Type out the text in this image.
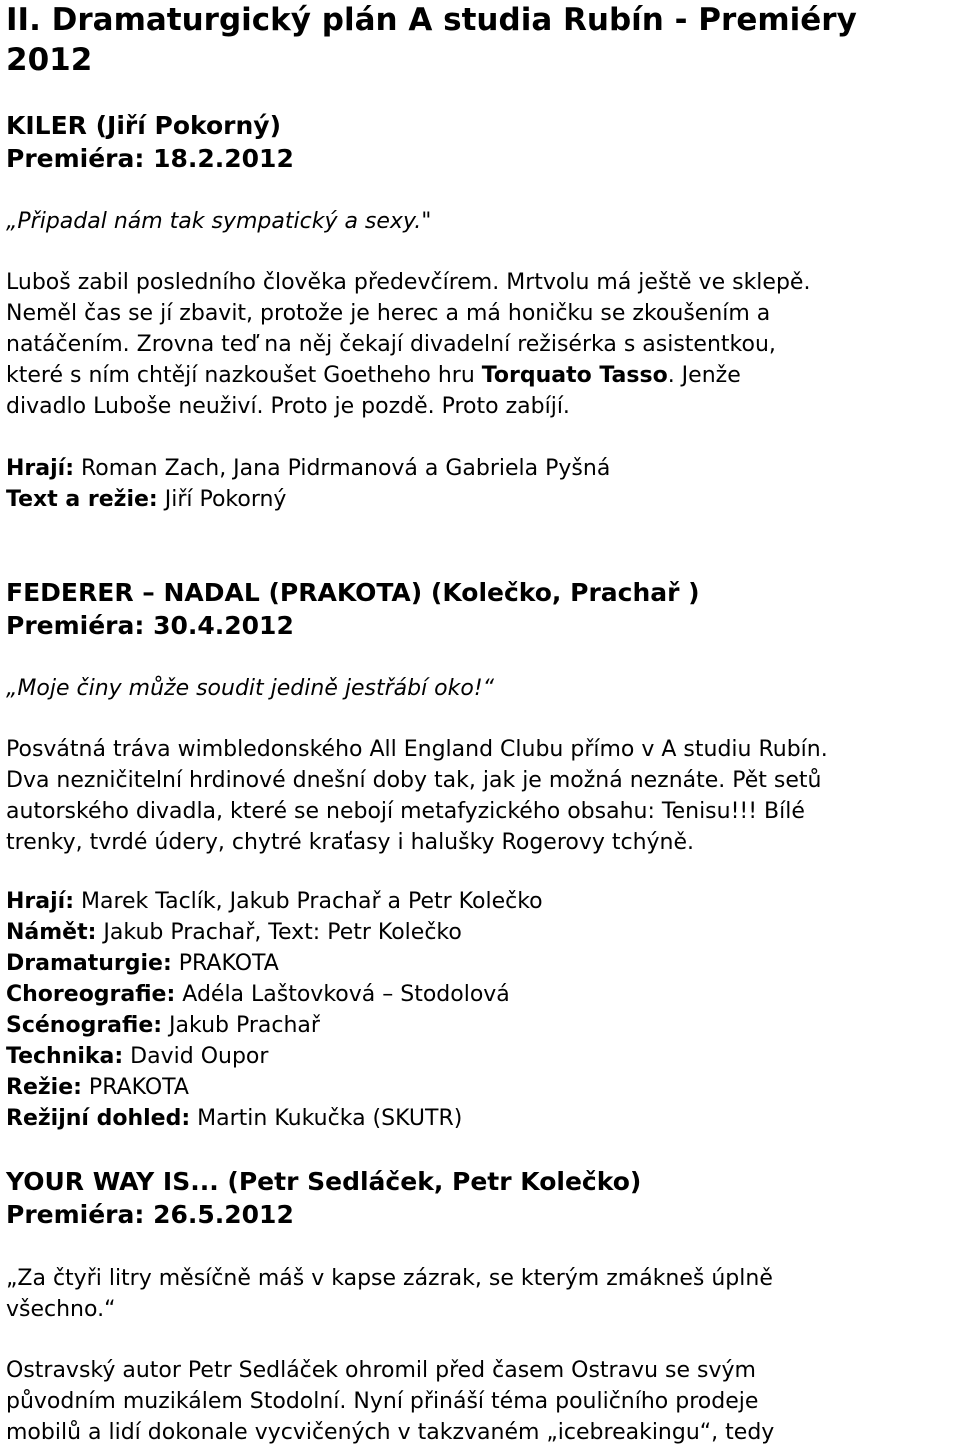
II. Dramaturgický plán A studia Rubín - Premiéry
2012
KILER (Jiří Pokorný)
Premiéra: 18.2.2012
„Připadal nám tak sympatický a sexy."
Luboš zabil posledního člověka předevčírem. Mrtvolu má ještě ve sklepě.
Neměl čas se jí zbavit, protože je herec a má honičku se zkoušením a
natáčením. Zrovna teď na něj čekají divadelní režisérka s asistentkou,
které s ním chtějí nazkoušet Goetheho hru Torquato Tasso. Jenže
divadlo Luboše neuživí. Proto je pozdě. Proto zabíjí.
Hrají: Roman Zach, Jana Pidrmanová a Gabriela Pyšná
Text a režie: Jiří Pokorný
FEDERER – NADAL (PRAKOTA) (Kolečko, Prachař )
Premiéra: 30.4.2012
„Moje činy může soudit jedině jestřábí oko!“
Posvátná tráva wimbledonského All England Clubu přímo v A studiu Rubín.
Dva nezničitelní hrdinové dnešní doby tak, jak je možná neznáte. Pět setů
autorského divadla, které se nebojí metafyzického obsahu: Tenisu!!! Bílé
trenky, tvrdé údery, chytré kraťasy i halušky Rogerovy tchýně.
Hrají: Marek Taclík, Jakub Prachař a Petr Kolečko
Námět: Jakub Prachař, Text: Petr Kolečko
Dramaturgie: PRAKOTA
Choreografie: Adéla Laštovková – Stodolová
Scénografie: Jakub Prachař
Technika: David Oupor
Režie: PRAKOTA
Režijní dohled: Martin Kukučka (SKUTR)
YOUR WAY IS... (Petr Sedláček, Petr Kolečko)
Premiéra: 26.5.2012
„Za čtyři litry měsíčně máš v kapse zázrak, se kterým zmákneš úplně
všechno.“
Ostravský autor Petr Sedláček ohromil před časem Ostravu se svým
původním muzikálem Stodolní. Nyní přináší téma pouličního prodeje
mobilů a lidí dokonale vycvičených v takzvaném „icebreakingu“, tedy
